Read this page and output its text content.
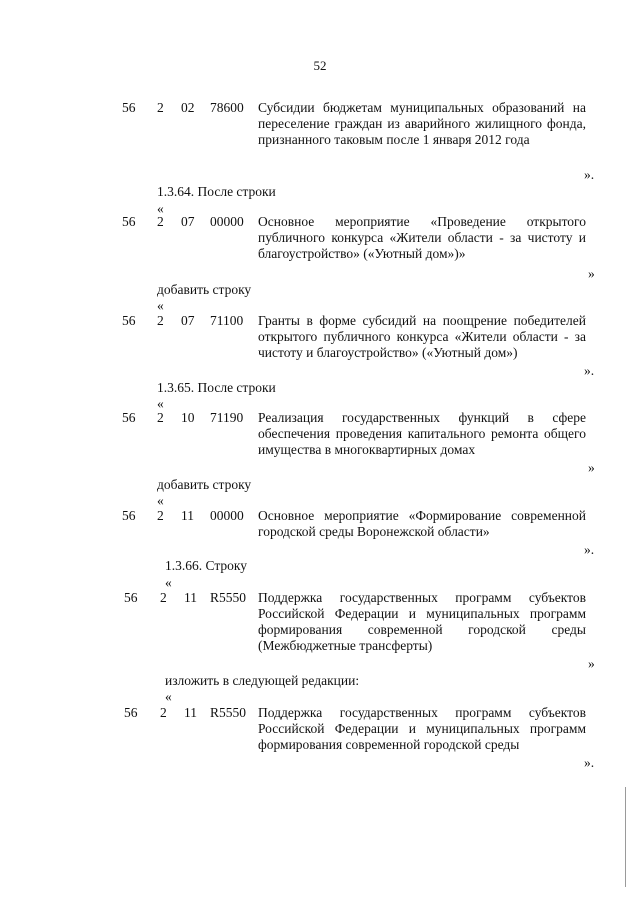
52
56 2 02 78600 Субсидии бюджетам муниципальных образований на переселение граждан из аварийного жилищного фонда, признанного таковым после 1 января 2012 года
».
1.3.64. После строки
«
56 2 07 00000 Основное мероприятие «Проведение открытого публичного конкурса «Жители области - за чистоту и благоустройство» («Уютный дом»)»
»
добавить строку
«
56 2 07 71100 Гранты в форме субсидий на поощрение победителей открытого публичного конкурса «Жители области - за чистоту и благоустройство» («Уютный дом»)
».
1.3.65. После строки
«
56 2 10 71190 Реализация государственных функций в сфере обеспечения проведения капитального ремонта общего имущества в многоквартирных домах
»
добавить строку
«
56 2 11 00000 Основное мероприятие «Формирование современной городской среды Воронежской области»
».
1.3.66. Строку
«
56 2 11 R5550 Поддержка государственных программ субъектов Российской Федерации и муниципальных программ формирования современной городской среды (Межбюджетные трансферты)
»
изложить в следующей редакции:
«
56 2 11 R5550 Поддержка государственных программ субъектов Российской Федерации и муниципальных программ формирования современной городской среды
».
